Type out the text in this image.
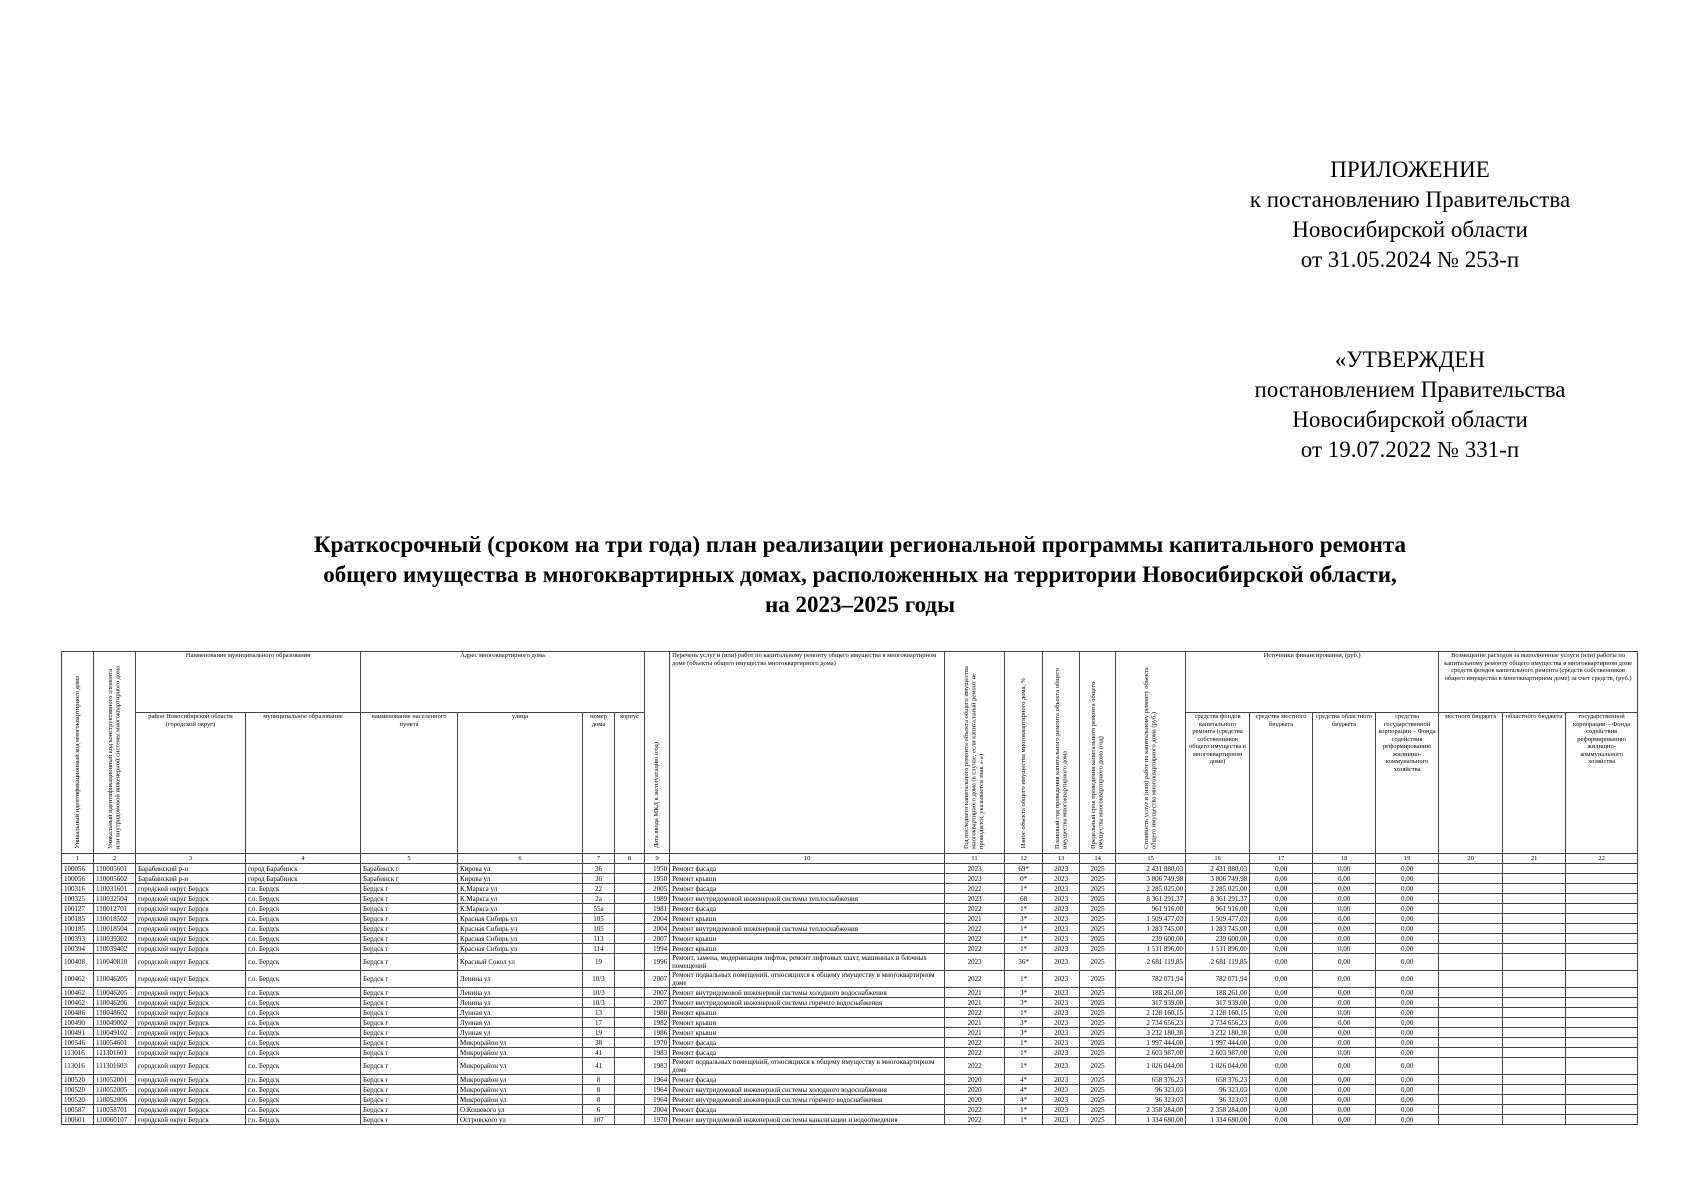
ПРИЛОЖЕНИЕ
к постановлению Правительства
Новосибирской области
от 31.05.2024 № 253-п
«УТВЕРЖДЕН
постановлением Правительства
Новосибирской области
от 19.07.2022 № 331-п
Краткосрочный (сроком на три года) план реализации региональной программы капитального ремонта
общего имущества в многоквартирных домах, расположенных на территории Новосибирской области,
на 2023–2025 годы
Уникальный идентификационный код многоквартирного дома	Уникальный идентификационный код конструктивного элемента или внутридомовой инженерной системы многоквартирного дома	Наименование муниципального образования		Адрес многоквартирного дома				Дата ввода МКД в эксплуатацию (год)	Перечень услуг и (или) работ по капитальному ремонту общего имущества в многоквартирном доме (объекты общего имущества многоквартирного дома)	Год последнего капитального ремонта объекта общего имущества многоквартирного дома (в случае, если капитальный ремонт не проводился, указывается знак «-»)	Износ объекта общего имущества многоквартирного дома, %	Плановый год проведения капитального ремонта объекта общего имущества многоквартирного дома	Предельный срок проведения капитального ремонта общего имущества многоквартирного дома (год)	Стоимость услуг и (или) работ по капитальному ремонту объекта общего имущества многоквартирного дома (руб.)	Источники финансирования, (руб.)				Возмещение расходов за выполненные услуги (или) работы по капитальному ремонту общего имущества в многоквартирном доме средств фондов капитального ремонта (средств собственников общего имущества в многоквартирном доме) за счет средств, (руб.)		
		район Новосибирской области (городской округ)	муниципальное образование	наименование населенного пункта	улица	номер дома	корпус								средства фондов капитального ремонта (средства собственников общего имущества в многоквартирном доме)	средства местного бюджета	средства областного бюджета	средства государственной корпорации – Фонда содействия реформированию жилищно-коммунального хозяйства	местного бюджета	областного бюджета	государственной корпорации – Фонда содействия реформированию жилищно-коммунального хозяйства
1	2	3	4	5	6	7	8	9	10	11	12	13	14	15	16	17	18	19	20	21	22
100056	110005601	Барабинский р-н	город Барабинск	Барабинск г	Кирова ул	36		1950	Ремонт фасада	2023	69*	2023	2025	2 431 880,03	2 431 880,03	0,00	0,00	0,00			
100056	110005602	Барабинский р-н	город Барабинск	Барабинск г	Кирова ул	36		1950	Ремонт крыши	2023	0*	2023	2025	3 806 749,98	3 806 749,98	0,00	0,00	0,00			
100316	110031601	городской округ Бердск	г.о. Бердск	Бердск г	К.Маркса ул	22		2005	Ремонт фасада	2022	1*	2023	2025	2 285 025,00	2 285 025,00	0,00	0,00	0,00			
100325	110032504	городской округ Бердск	г.о. Бердск	Бердск г	К.Маркса ул	2а		1989	Ремонт внутридомовой инженерной системы теплоснабжения	2023	68	2023	2025	8 361 291,37	8 361 291,37	0,00	0,00	0,00			
100127	110012701	городской округ Бердск	г.о. Бердск	Бердск г	К.Маркса ул	55а		1981	Ремонт фасада	2022	1*	2023	2025	961 916,00	961 916,00	0,00	0,00	0,00			
100185	110018502	городской округ Бердск	г.о. Бердск	Бердск г	Красная Сибирь ул	105		2004	Ремонт крыши	2021	3*	2023	2025	1 509 477,03	1 509 477,03	0,00	0,00	0,00			
100185	110018504	городской округ Бердск	г.о. Бердск	Бердск г	Красная Сибирь ул	105		2004	Ремонт внутридомовой инженерной системы теплоснабжения	2022	1*	2023	2025	1 283 745,00	1 283 745,00	0,00	0,00	0,00			
100393	110039302	городской округ Бердск	г.о. Бердск	Бердск г	Красная Сибирь ул	113		2007	Ремонт крыши	2022	1*	2023	2025	239 600,00	239 600,00	0,00	0,00	0,00			
100394	110039402	городской округ Бердск	г.о. Бердск	Бердск г	Красная Сибирь ул	114		1994	Ремонт крыши	2022	1*	2023	2025	1 511 896,00	1 511 896,00	0,00	0,00	0,00			
100408	110040810	городской округ Бердск	г.о. Бердск	Бердск г	Красный Сокол ул	19		1996	Ремонт, замена, модернизация лифтов, ремонт лифтовых шахт, машинных и блочных помещений	2023	36*	2023	2025	2 681 119,85	2 681 119,85	0,00	0,00	0,00			
100462	110046205	городской округ Бердск	г.о. Бердск	Бердск г	Ленина ул	10/3		2007	Ремонт подвальных помещений, относящихся к общему имуществу в многоквартирном доме	2022	1*	2023	2025	782 071,94	782 071,94	0,00	0,00	0,00			
100462	110046205	городской округ Бердск	г.о. Бердск	Бердск г	Ленина ул	10/3		2007	Ремонт внутридомовой инженерной системы холодного водоснабжения	2021	3*	2023	2025	188 261,00	188 261,00	0,00	0,00	0,00			
100462	110046206	городской округ Бердск	г.о. Бердск	Бердск г	Ленина ул	10/3		2007	Ремонт внутридомовой инженерной системы горячего водоснабжения	2021	3*	2023	2025	317 939,00	317 939,00	0,00	0,00	0,00			
100486	110048602	городской округ Бердск	г.о. Бердск	Бердск г	Лунная ул	13		1980	Ремонт крыши	2022	1*	2023	2025	2 128 160,15	2 128 160,15	0,00	0,00	0,00			
100490	110049002	городской округ Бердск	г.о. Бердск	Бердск г	Лунная ул	17		1982	Ремонт крыши	2021	3*	2023	2025	2 734 656,23	2 734 656,23	0,00	0,00	0,00			
100491	110049102	городской округ Бердск	г.о. Бердск	Бердск г	Лунная ул	19		1986	Ремонт крыши	2021	3*	2023	2025	3 232 180,38	3 232 180,38	0,00	0,00	0,00			
100546	110054601	городской округ Бердск	г.о. Бердск	Бердск г	Микрорайон ул	38		1970	Ремонт фасада	2022	1*	2023	2025	1 997 444,00	1 997 444,00	0,00	0,00	0,00			
113016	111301601	городской округ Бердск	г.о. Бердск	Бердск г	Микрорайон ул	41		1983	Ремонт фасада	2022	1*	2023	2025	2 603 987,00	2 603 987,00	0,00	0,00	0,00			
113016	111301603	городской округ Бердск	г.о. Бердск	Бердск г	Микрорайон ул	41		1983	Ремонт подвальных помещений, относящихся к общему имуществу в многоквартирном доме	2022	1*	2023	2025	1 026 044,00	1 026 044,00	0,00	0,00	0,00			
100520	110052001	городской округ Бердск	г.о. Бердск	Бердск г	Микрорайон ул	8		1964	Ремонт фасада	2020	4*	2023	2025	658 376,23	658 376,23	0,00	0,00	0,00			
100520	110052005	городской округ Бердск	г.о. Бердск	Бердск г	Микрорайон ул	8		1964	Ремонт внутридомовой инженерной системы холодного водоснабжения	2020	4*	2023	2025	96 323,03	96 323,03	0,00	0,00	0,00			
100520	110052006	городской округ Бердск	г.о. Бердск	Бердск г	Микрорайон ул	8		1964	Ремонт внутридомовой инженерной системы горячего водоснабжения	2020	4*	2023	2025	96 323,03	96 323,03	0,00	0,00	0,00			
100587	110058701	городской округ Бердск	г.о. Бердск	Бердск г	О.Кошевого ул	6		2004	Ремонт фасада	2022	1*	2023	2025	2 358 284,00	2 358 284,00	0,00	0,00	0,00			
100601	110060107	городской округ Бердск	г.о. Бердск	Бердск г	Островского ул	107		1970	Ремонт внутридомовой инженерной системы канализации и водоотведения	2022	1*	2023	2025	1 334 680,00	1 334 680,00	0,00	0,00	0,00			
